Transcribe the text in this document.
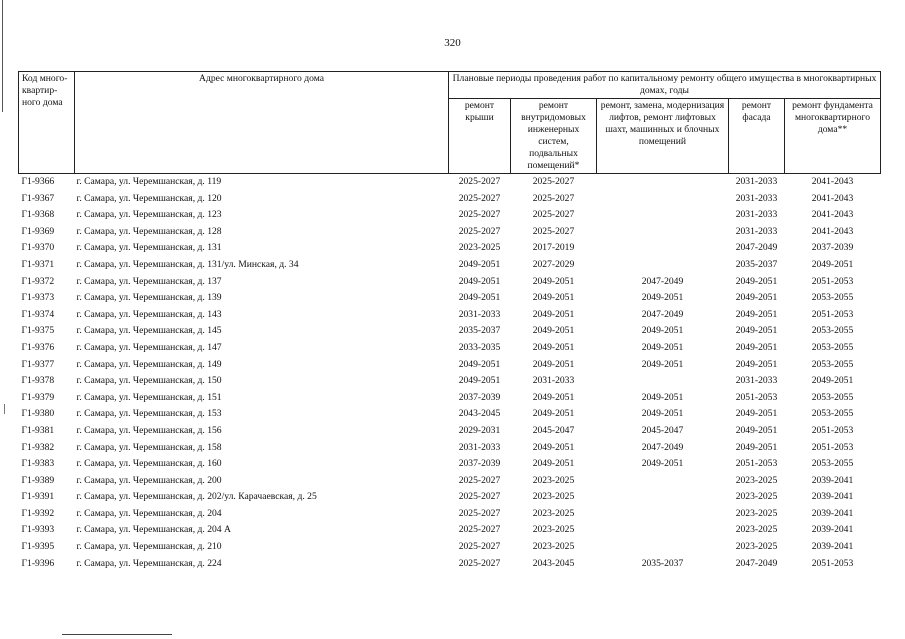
320
Код много-квартир-ного дома	Адрес многоквартирного дома	Плановые периоды проведения работ по капитальному ремонту общего имущества в многоквартирных домах, годы				
		ремонт крыши	ремонт внутридомовых инженерных систем, подвальных помещений*	ремонт, замена, модернизация лифтов, ремонт лифтовых шахт, машинных и блочных помещений	ремонт фасада	ремонт фундамента многоквартирного дома**
Г1-9366	г. Самара, ул. Черемшанская, д. 119	2025-2027	2025-2027		2031-2033	2041-2043
Г1-9367	г. Самара, ул. Черемшанская, д. 120	2025-2027	2025-2027		2031-2033	2041-2043
Г1-9368	г. Самара, ул. Черемшанская, д. 123	2025-2027	2025-2027		2031-2033	2041-2043
Г1-9369	г. Самара, ул. Черемшанская, д. 128	2025-2027	2025-2027		2031-2033	2041-2043
Г1-9370	г. Самара, ул. Черемшанская, д. 131	2023-2025	2017-2019		2047-2049	2037-2039
Г1-9371	г. Самара, ул. Черемшанская, д. 131/ул. Минская, д. 34	2049-2051	2027-2029		2035-2037	2049-2051
Г1-9372	г. Самара, ул. Черемшанская, д. 137	2049-2051	2049-2051	2047-2049	2049-2051	2051-2053
Г1-9373	г. Самара, ул. Черемшанская, д. 139	2049-2051	2049-2051	2049-2051	2049-2051	2053-2055
Г1-9374	г. Самара, ул. Черемшанская, д. 143	2031-2033	2049-2051	2047-2049	2049-2051	2051-2053
Г1-9375	г. Самара, ул. Черемшанская, д. 145	2035-2037	2049-2051	2049-2051	2049-2051	2053-2055
Г1-9376	г. Самара, ул. Черемшанская, д. 147	2033-2035	2049-2051	2049-2051	2049-2051	2053-2055
Г1-9377	г. Самара, ул. Черемшанская, д. 149	2049-2051	2049-2051	2049-2051	2049-2051	2053-2055
Г1-9378	г. Самара, ул. Черемшанская, д. 150	2049-2051	2031-2033		2031-2033	2049-2051
Г1-9379	г. Самара, ул. Черемшанская, д. 151	2037-2039	2049-2051	2049-2051	2051-2053	2053-2055
Г1-9380	г. Самара, ул. Черемшанская, д. 153	2043-2045	2049-2051	2049-2051	2049-2051	2053-2055
Г1-9381	г. Самара, ул. Черемшанская, д. 156	2029-2031	2045-2047	2045-2047	2049-2051	2051-2053
Г1-9382	г. Самара, ул. Черемшанская, д. 158	2031-2033	2049-2051	2047-2049	2049-2051	2051-2053
Г1-9383	г. Самара, ул. Черемшанская, д. 160	2037-2039	2049-2051	2049-2051	2051-2053	2053-2055
Г1-9389	г. Самара, ул. Черемшанская, д. 200	2025-2027	2023-2025		2023-2025	2039-2041
Г1-9391	г. Самара, ул. Черемшанская, д. 202/ул. Карачаевская, д. 25	2025-2027	2023-2025		2023-2025	2039-2041
Г1-9392	г. Самара, ул. Черемшанская, д. 204	2025-2027	2023-2025		2023-2025	2039-2041
Г1-9393	г. Самара, ул. Черемшанская, д. 204 А	2025-2027	2023-2025		2023-2025	2039-2041
Г1-9395	г. Самара, ул. Черемшанская, д. 210	2025-2027	2023-2025		2023-2025	2039-2041
Г1-9396	г. Самара, ул. Черемшанская, д. 224	2025-2027	2043-2045	2035-2037	2047-2049	2051-2053
